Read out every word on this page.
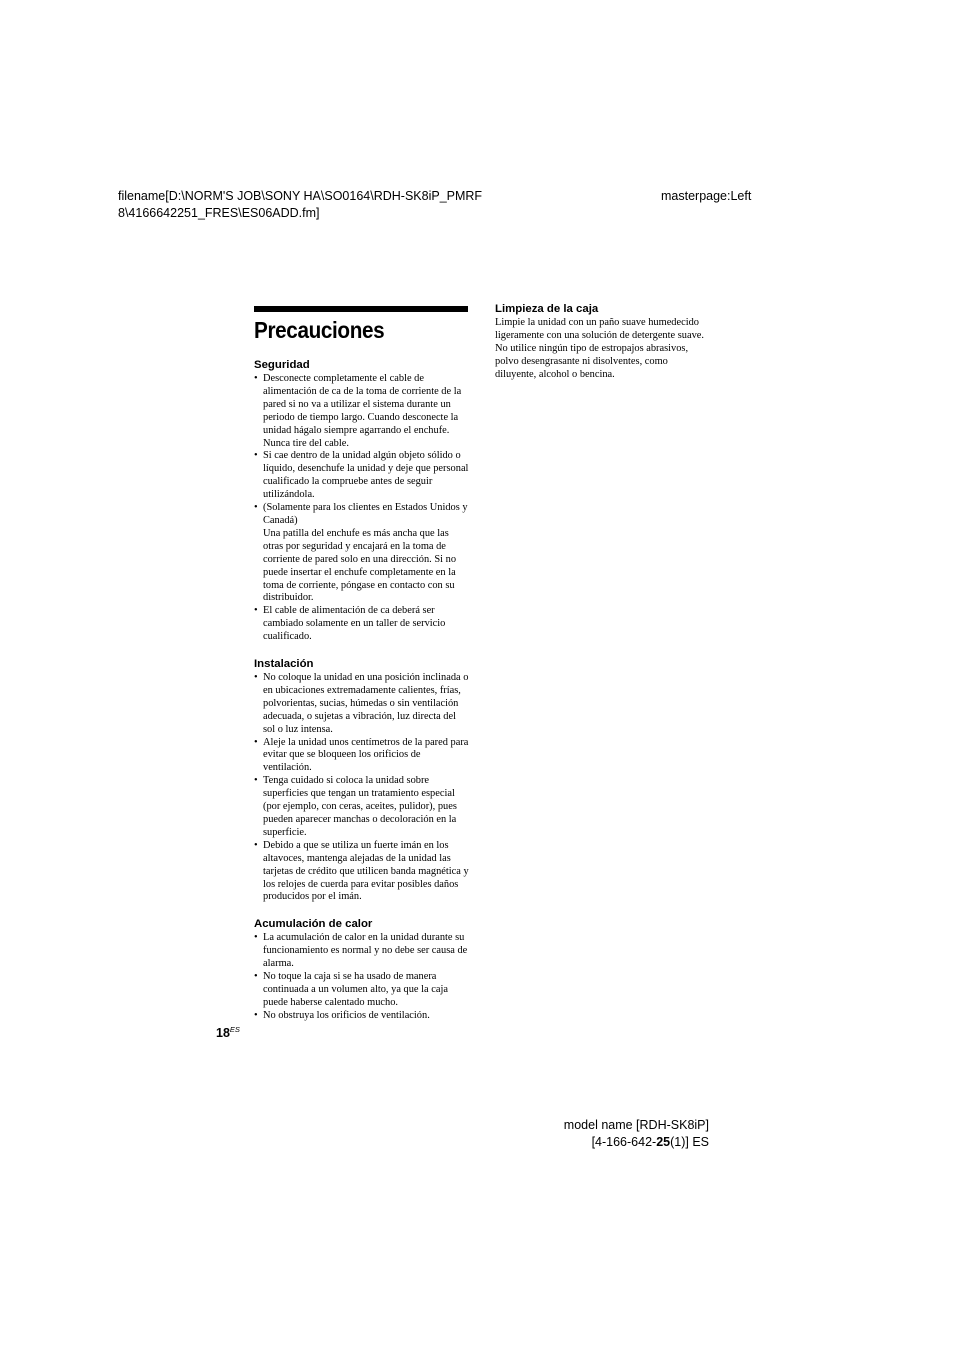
filename[D:\NORM'S JOB\SONY HA\SO0164\RDH-SK8iP_PMRF
8\4166642251_FRES\ES06ADD.fm]
masterpage:Left
Precauciones
Seguridad
• Desconecte completamente el cable de alimentación de ca de la toma de corriente de la pared si no va a utilizar el sistema durante un periodo de tiempo largo. Cuando desconecte la unidad hágalo siempre agarrando el enchufe. Nunca tire del cable.
• Si cae dentro de la unidad algún objeto sólido o líquido, desenchufe la unidad y deje que personal cualificado la compruebe antes de seguir utilizándola.
• (Solamente para los clientes en Estados Unidos y Canadá)
Una patilla del enchufe es más ancha que las otras por seguridad y encajará en la toma de corriente de pared solo en una dirección. Si no puede insertar el enchufe completamente en la toma de corriente, póngase en contacto con su distribuidor.
• El cable de alimentación de ca deberá ser cambiado solamente en un taller de servicio cualificado.
Instalación
• No coloque la unidad en una posición inclinada o en ubicaciones extremadamente calientes, frías, polvorientas, sucias, húmedas o sin ventilación adecuada, o sujetas a vibración, luz directa del sol o luz intensa.
• Aleje la unidad unos centímetros de la pared para evitar que se bloqueen los orificios de ventilación.
• Tenga cuidado si coloca la unidad sobre superficies que tengan un tratamiento especial (por ejemplo, con ceras, aceites, pulidor), pues pueden aparecer manchas o decoloración en la superficie.
• Debido a que se utiliza un fuerte imán en los altavoces, mantenga alejadas de la unidad las tarjetas de crédito que utilicen banda magnética y los relojes de cuerda para evitar posibles daños producidos por el imán.
Acumulación de calor
• La acumulación de calor en la unidad durante su funcionamiento es normal y no debe ser causa de alarma.
• No toque la caja si se ha usado de manera continuada a un volumen alto, ya que la caja puede haberse calentado mucho.
• No obstruya los orificios de ventilación.
Limpieza de la caja
Limpie la unidad con un paño suave humedecido ligeramente con una solución de detergente suave.
No utilice ningún tipo de estropajos abrasivos, polvo desengrasante ni disolventes, como diluyente, alcohol o bencina.
$18^{ES}$
model name [RDH-SK8iP]
[4-166-642-25(1)] ES
